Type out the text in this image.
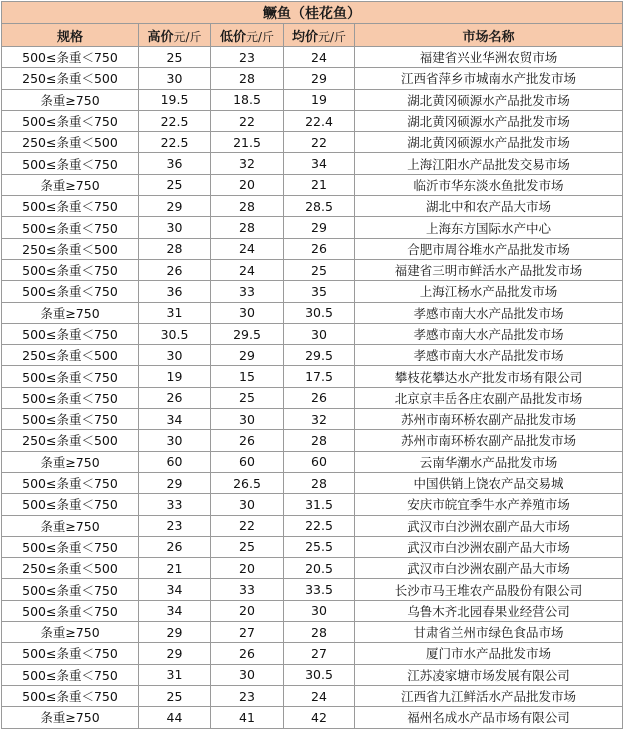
鳜鱼（桂花鱼）				
规格	高价元/斤	低价元/斤	均价元/斤	市场名称
500≤条重＜750	25	23	24	福建省兴业华洲农贸市场
250≤条重＜500	30	28	29	江西省萍乡市城南水产批发市场
条重≥750	19.5	18.5	19	湖北黄冈硕源水产品批发市场
500≤条重＜750	22.5	22	22.4	湖北黄冈硕源水产品批发市场
250≤条重＜500	22.5	21.5	22	湖北黄冈硕源水产品批发市场
500≤条重＜750	36	32	34	上海江阳水产品批发交易市场
条重≥750	25	20	21	临沂市华东淡水鱼批发市场
500≤条重＜750	29	28	28.5	湖北中和农产品大市场
500≤条重＜750	30	28	29	上海东方国际水产中心
250≤条重＜500	28	24	26	合肥市周谷堆水产品批发市场
500≤条重＜750	26	24	25	福建省三明市鲜活水产品批发市场
500≤条重＜750	36	33	35	上海江杨水产品批发市场
条重≥750	31	30	30.5	孝感市南大水产品批发市场
500≤条重＜750	30.5	29.5	30	孝感市南大水产品批发市场
250≤条重＜500	30	29	29.5	孝感市南大水产品批发市场
500≤条重＜750	19	15	17.5	攀枝花攀达水产批发市场有限公司
500≤条重＜750	26	25	26	北京京丰岳各庄农副产品批发市场
500≤条重＜750	34	30	32	苏州市南环桥农副产品批发市场
250≤条重＜500	30	26	28	苏州市南环桥农副产品批发市场
条重≥750	60	60	60	云南华潮水产品批发市场
500≤条重＜750	29	26.5	28	中国供销上饶农产品交易城
500≤条重＜750	33	30	31.5	安庆市皖宜季牛水产养殖市场
条重≥750	23	22	22.5	武汉市白沙洲农副产品大市场
500≤条重＜750	26	25	25.5	武汉市白沙洲农副产品大市场
250≤条重＜500	21	20	20.5	武汉市白沙洲农副产品大市场
500≤条重＜750	34	33	33.5	长沙市马王堆农产品股份有限公司
500≤条重＜750	34	20	30	乌鲁木齐北园春果业经营公司
条重≥750	29	27	28	甘肃省兰州市绿色食品市场
500≤条重＜750	29	26	27	厦门市水产品批发市场
500≤条重＜750	31	30	30.5	江苏凌家塘市场发展有限公司
500≤条重＜750	25	23	24	江西省九江鲜活水产品批发市场
条重≥750	44	41	42	福州名成水产品市场有限公司
